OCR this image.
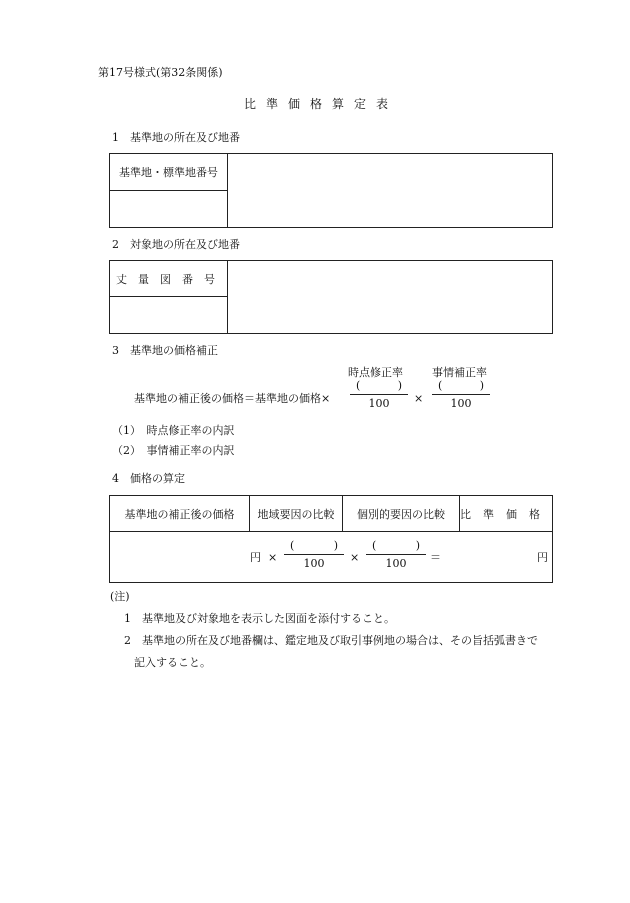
第17号様式(第32条関係)
比準価格算定表
1　基準地の所在及び地番
基準地・標準地番号	

2　対象地の所在及び地番
丈量図番号	

3　基準地の価格補正
時点修正率	事情補正率
基準地の補正後の価格＝基準地の価格×
(	)
100	×
(	)
100
（1）　時点修正率の内訳
（2）　事情補正率の内訳
4　価格の算定
基準地の補正後の価格	地域要因の比較	個別的要因の比較	比準価格

円 ×
(	)
100	×
(	)
100	＝	円
(注)
1　基準地及び対象地を表示した図面を添付すること。
2　基準地の所在及び地番欄は、鑑定地及び取引事例地の場合は、その旨括弧書きで
記入すること。
